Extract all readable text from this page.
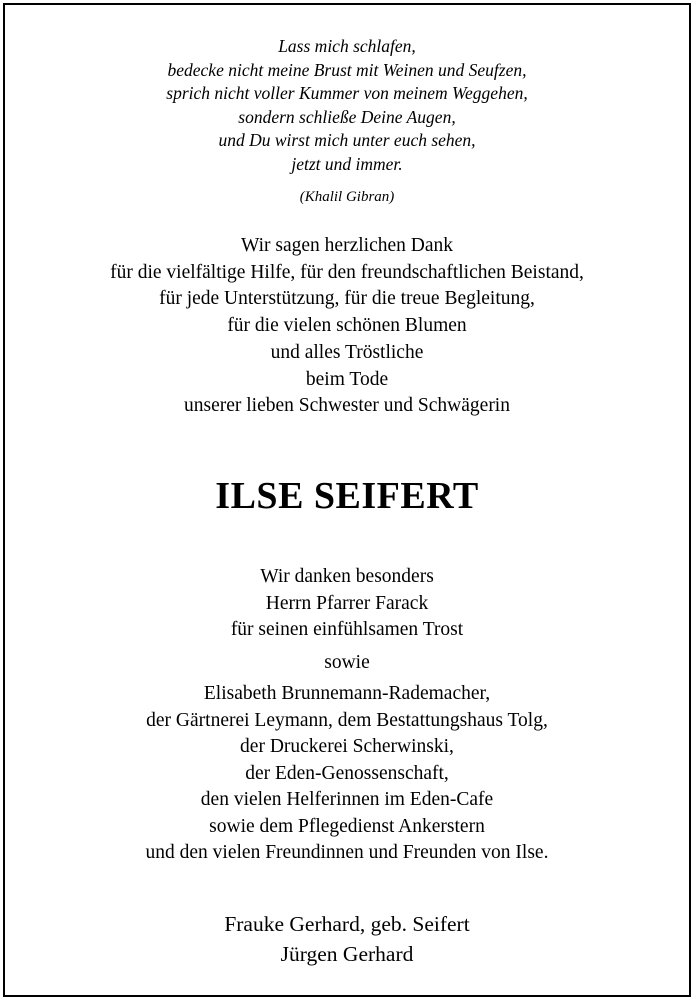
Lass mich schlafen,
bedecke nicht meine Brust mit Weinen und Seufzen,
sprich nicht voller Kummer von meinem Weggehen,
sondern schließe Deine Augen,
und Du wirst mich unter euch sehen,
jetzt und immer.
(Khalil Gibran)
Wir sagen herzlichen Dank
für die vielfältige Hilfe, für den freundschaftlichen Beistand,
für jede Unterstützung, für die treue Begleitung,
für die vielen schönen Blumen
und alles Tröstliche
beim Tode
unserer lieben Schwester und Schwägerin
ILSE SEIFERT
Wir danken besonders
Herrn Pfarrer Farack
für seinen einfühlsamen Trost
sowie
Elisabeth Brunnemann-Rademacher,
der Gärtnerei Leymann, dem Bestattungshaus Tolg,
der Druckerei Scherwinski,
der Eden-Genossenschaft,
den vielen Helferinnen im Eden-Cafe
sowie dem Pflegedienst Ankerstern
und den vielen Freundinnen und Freunden von Ilse.
Frauke Gerhard, geb. Seifert
Jürgen Gerhard
